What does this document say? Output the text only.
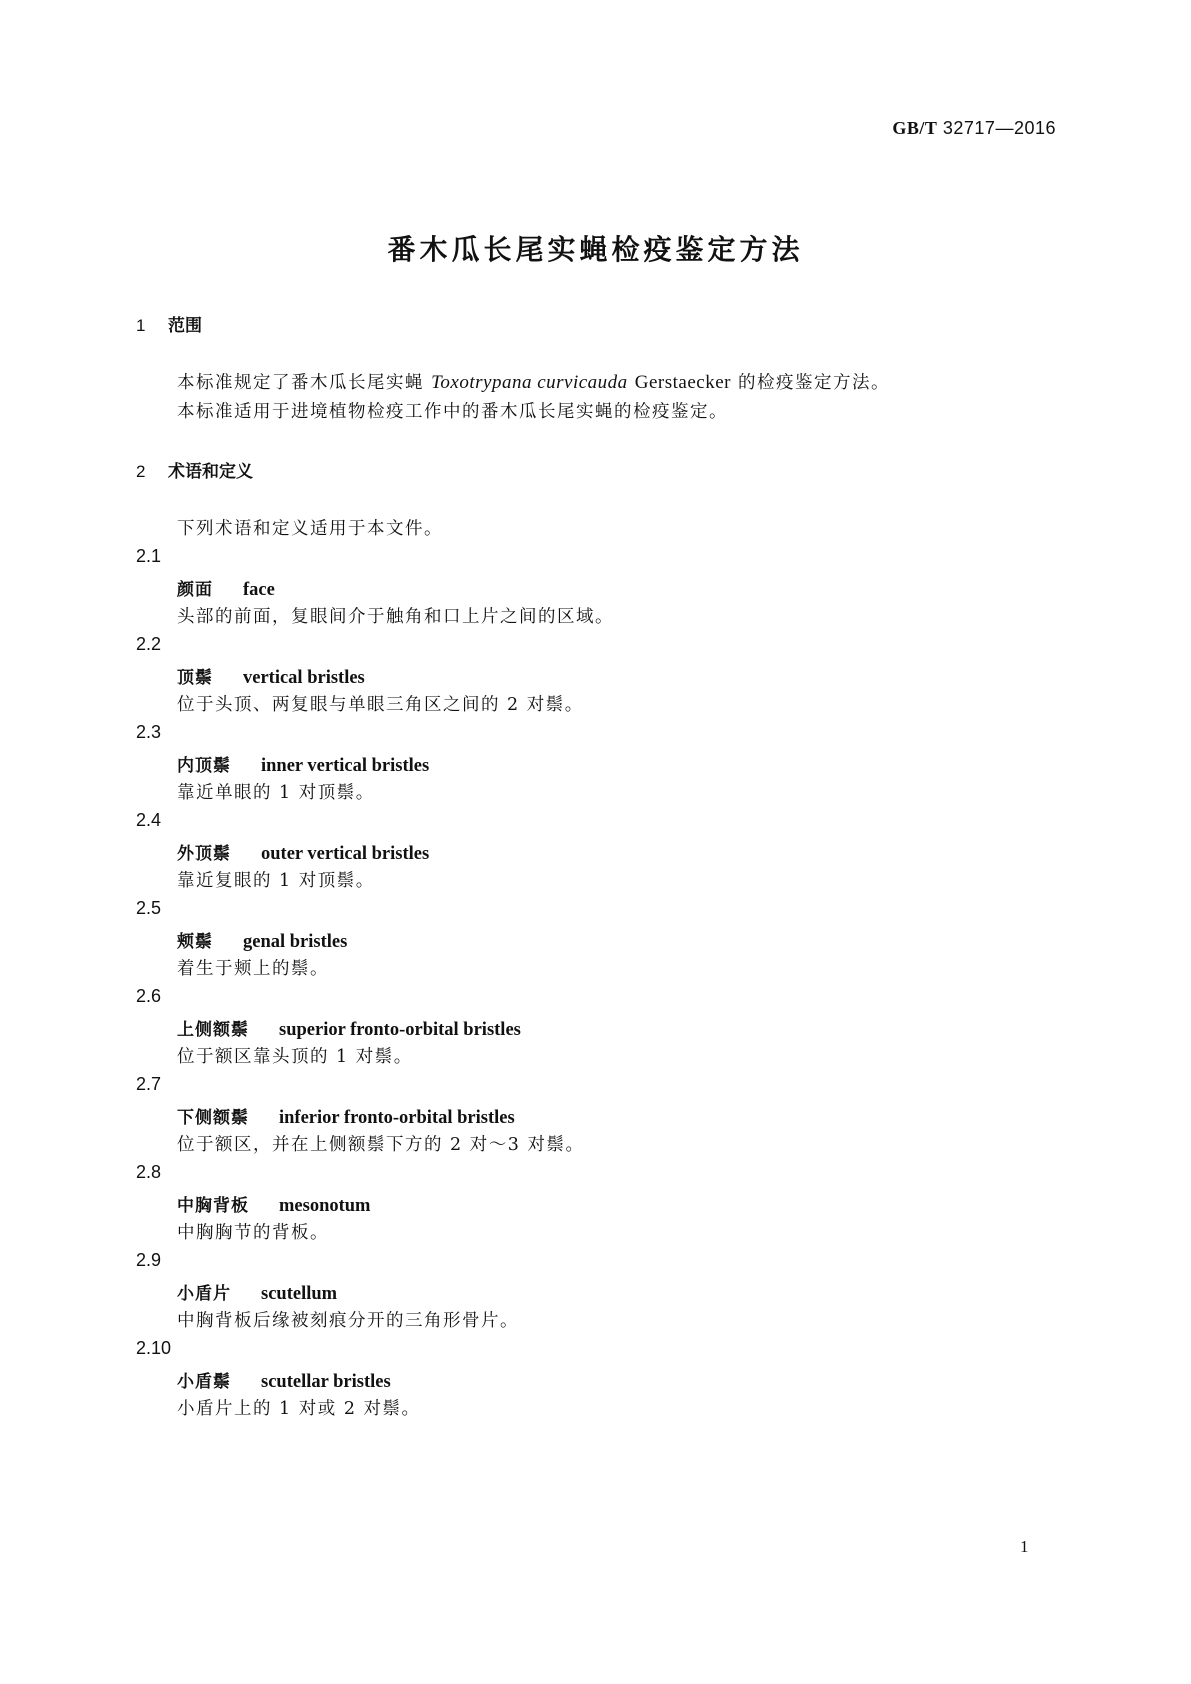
GB/T 32717—2016
番木瓜长尾实蝇检疫鉴定方法
1 范围
本标准规定了番木瓜长尾实蝇 Toxotrypana curvicauda Gerstaecker 的检疫鉴定方法。
本标准适用于进境植物检疫工作中的番木瓜长尾实蝇的检疫鉴定。
2 术语和定义
下列术语和定义适用于本文件。
2.1
颜面 face
头部的前面，复眼间介于触角和口上片之间的区域。
2.2
顶鬃 vertical bristles
位于头顶、两复眼与单眼三角区之间的 2 对鬃。
2.3
内顶鬃 inner vertical bristles
靠近单眼的 1 对顶鬃。
2.4
外顶鬃 outer vertical bristles
靠近复眼的 1 对顶鬃。
2.5
颊鬃 genal bristles
着生于颊上的鬃。
2.6
上侧额鬃 superior fronto-orbital bristles
位于额区靠头顶的 1 对鬃。
2.7
下侧额鬃 inferior fronto-orbital bristles
位于额区，并在上侧额鬃下方的 2 对～3 对鬃。
2.8
中胸背板 mesonotum
中胸胸节的背板。
2.9
小盾片 scutellum
中胸背板后缘被刻痕分开的三角形骨片。
2.10
小盾鬃 scutellar bristles
小盾片上的 1 对或 2 对鬃。
1
